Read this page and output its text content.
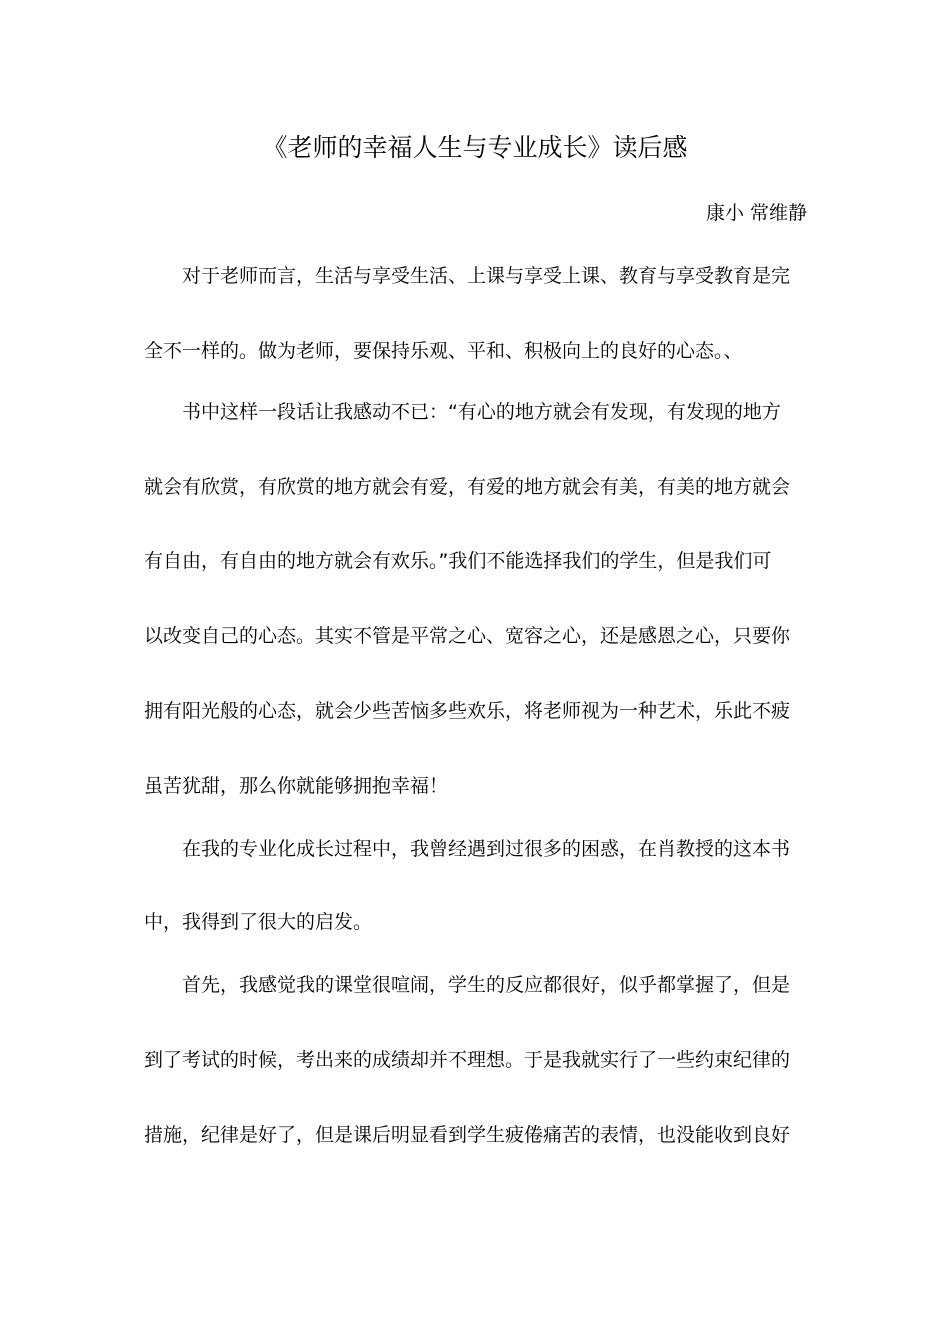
《老师的幸福人生与专业成长》读后感
康小 常维静
对于老师而言，生活与享受生活、上课与享受上课、教育与享受教育是完
全不一样的。做为老师，要保持乐观、平和、积极向上的良好的心态。、
书中这样一段话让我感动不已：“有心的地方就会有发现，有发现的地方
就会有欣赏，有欣赏的地方就会有爱，有爱的地方就会有美，有美的地方就会
有自由，有自由的地方就会有欢乐。”我们不能选择我们的学生，但是我们可
以改变自己的心态。其实不管是平常之心、宽容之心，还是感恩之心，只要你
拥有阳光般的心态，就会少些苦恼多些欢乐，将老师视为一种艺术，乐此不疲
虽苦犹甜，那么你就能够拥抱幸福！
在我的专业化成长过程中，我曾经遇到过很多的困惑，在肖教授的这本书
中，我得到了很大的启发。
首先，我感觉我的课堂很喧闹，学生的反应都很好，似乎都掌握了，但是
到了考试的时候，考出来的成绩却并不理想。于是我就实行了一些约束纪律的
措施，纪律是好了，但是课后明显看到学生疲倦痛苦的表情，也没能收到良好
